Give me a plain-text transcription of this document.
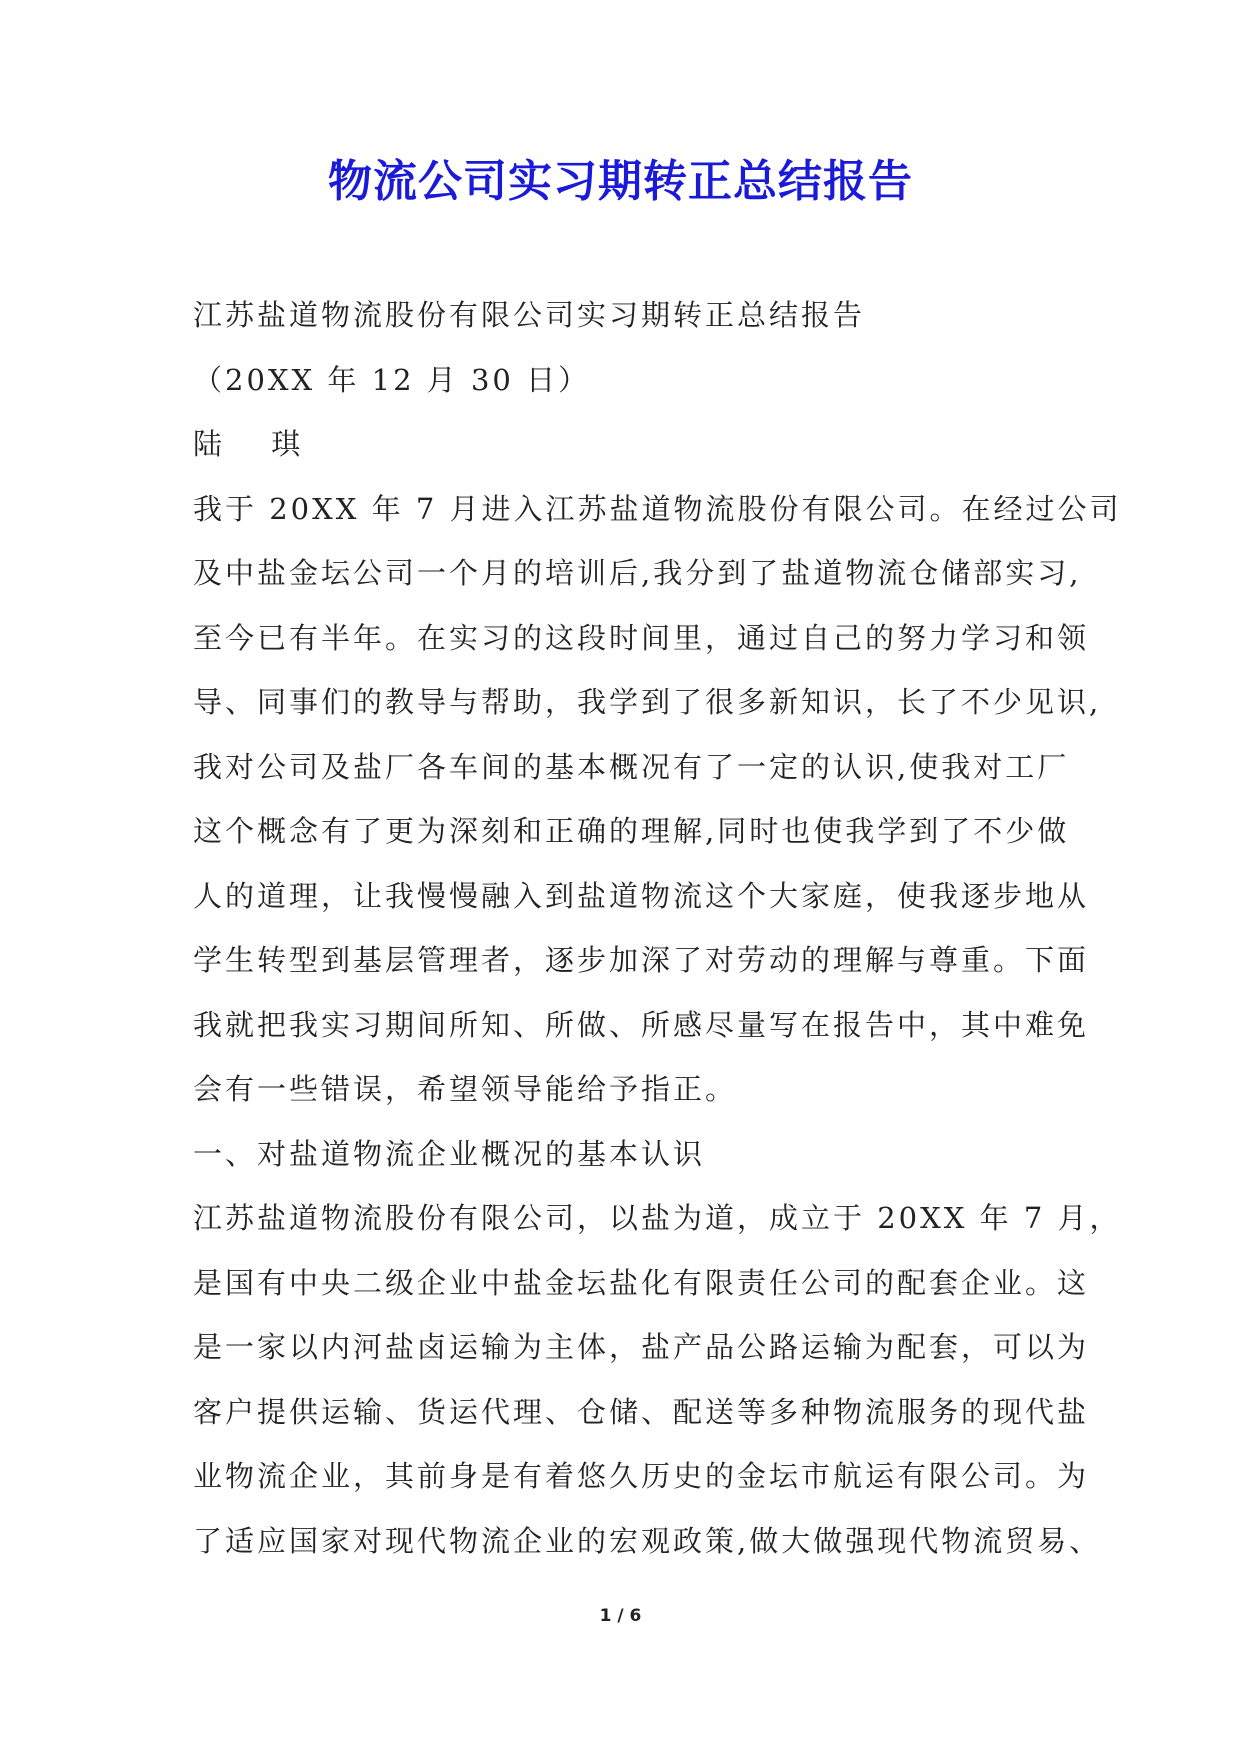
物流公司实习期转正总结报告
江苏盐道物流股份有限公司实习期转正总结报告
（20XX 年 12 月 30 日）
陆 琪
我于 20XX 年 7 月进入江苏盐道物流股份有限公司。在经过公司
及中盐金坛公司一个月的培训后,我分到了盐道物流仓储部实习,
至今已有半年。在实习的这段时间里，通过自己的努力学习和领
导、同事们的教导与帮助，我学到了很多新知识，长了不少见识,
我对公司及盐厂各车间的基本概况有了一定的认识,使我对工厂
这个概念有了更为深刻和正确的理解,同时也使我学到了不少做
人的道理，让我慢慢融入到盐道物流这个大家庭，使我逐步地从
学生转型到基层管理者，逐步加深了对劳动的理解与尊重。下面
我就把我实习期间所知、所做、所感尽量写在报告中，其中难免
会有一些错误，希望领导能给予指正。
一、对盐道物流企业概况的基本认识
江苏盐道物流股份有限公司，以盐为道，成立于 20XX 年 7 月，
是国有中央二级企业中盐金坛盐化有限责任公司的配套企业。这
是一家以内河盐卤运输为主体，盐产品公路运输为配套，可以为
客户提供运输、货运代理、仓储、配送等多种物流服务的现代盐
业物流企业，其前身是有着悠久历史的金坛市航运有限公司。为
了适应国家对现代物流企业的宏观政策,做大做强现代物流贸易、
1 / 6
